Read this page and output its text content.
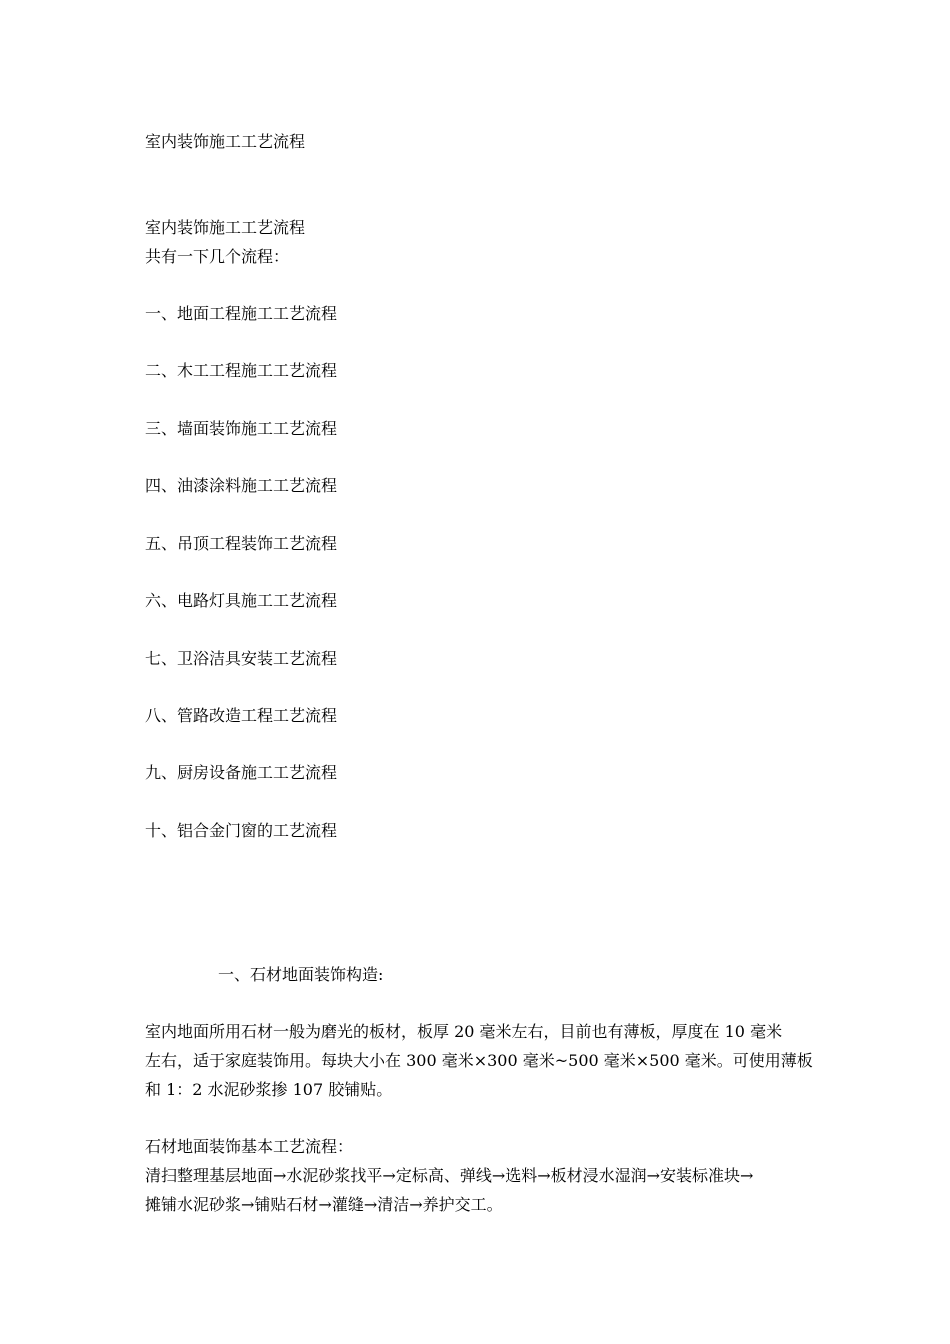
室内装饰施工工艺流程
室内装饰施工工艺流程
共有一下几个流程：
一、地面工程施工工艺流程
二、木工工程施工工艺流程
三、墙面装饰施工工艺流程
四、油漆涂料施工工艺流程
五、吊顶工程装饰工艺流程
六、电路灯具施工工艺流程
七、卫浴洁具安装工艺流程
八、管路改造工程工艺流程
九、厨房设备施工工艺流程
十、铝合金门窗的工艺流程
一、石材地面装饰构造:
室内地面所用石材一般为磨光的板材，板厚 20 毫米左右，目前也有薄板，厚度在 10 毫米
左右，适于家庭装饰用。每块大小在 300 毫米×300 毫米~500 毫米×500 毫米。可使用薄板
和 1：2 水泥砂浆掺 107 胶铺贴。
石材地面装饰基本工艺流程：
清扫整理基层地面→水泥砂浆找平→定标高、弹线→选料→板材浸水湿润→安装标准块→
摊铺水泥砂浆→铺贴石材→灌缝→清洁→养护交工。
